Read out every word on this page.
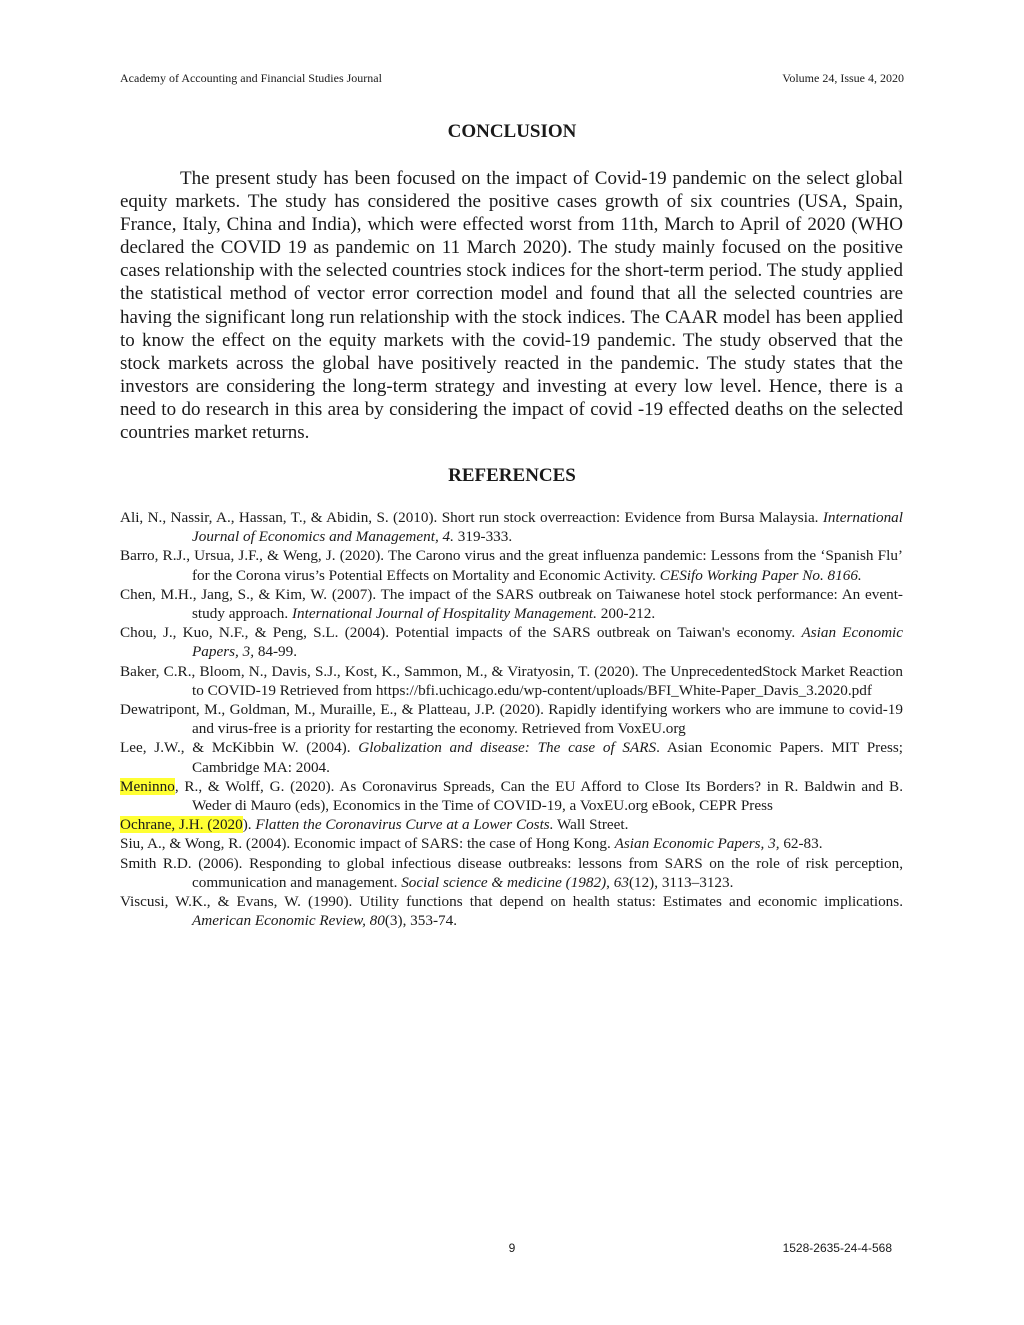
Academy of Accounting and Financial Studies Journal	Volume 24, Issue 4, 2020
CONCLUSION

The present study has been focused on the impact of Covid-19 pandemic on the select global equity markets. The study has considered the positive cases growth of six countries (USA, Spain, France, Italy, China and India), which were effected worst from 11th, March to April of 2020 (WHO declared the COVID 19 as pandemic on 11 March 2020). The study mainly focused on the positive cases relationship with the selected countries stock indices for the short-term period. The study applied the statistical method of vector error correction model and found that all the selected countries are having the significant long run relationship with the stock indices. The CAAR model has been applied to know the effect on the equity markets with the covid-19 pandemic. The study observed that the stock markets across the global have positively reacted in the pandemic. The study states that the investors are considering the long-term strategy and investing at every low level. Hence, there is a need to do research in this area by considering the impact of covid -19 effected deaths on the selected countries market returns.

REFERENCES

Ali, N., Nassir, A., Hassan, T., & Abidin, S. (2010). Short run stock overreaction: Evidence from Bursa Malaysia. International Journal of Economics and Management, 4. 319-333.

Barro, R.J., Ursua, J.F., & Weng, J. (2020). The Carono virus and the great influenza pandemic: Lessons from the ‘Spanish Flu’ for the Corona virus’s Potential Effects on Mortality and Economic Activity. CESifo Working Paper No. 8166.

Chen, M.H., Jang, S., & Kim, W. (2007). The impact of the SARS outbreak on Taiwanese hotel stock performance: An event-study approach. International Journal of Hospitality Management. 200-212.

Chou, J., Kuo, N.F., & Peng, S.L. (2004). Potential impacts of the SARS outbreak on Taiwan's economy. Asian Economic Papers, 3, 84-99.

Baker, C.R., Bloom, N., Davis, S.J., Kost, K., Sammon, M., & Viratyosin, T. (2020). The UnprecedentedStock Market Reaction to COVID-19 Retrieved from https://bfi.uchicago.edu/wp-content/uploads/BFI_White-Paper_Davis_3.2020.pdf

Dewatripont, M., Goldman, M., Muraille, E., & Platteau, J.P. (2020). Rapidly identifying workers who are immune to covid-19 and virus-free is a priority for restarting the economy. Retrieved from VoxEU.org

Lee, J.W., & McKibbin W. (2004). Globalization and disease: The case of SARS. Asian Economic Papers. MIT Press; Cambridge MA: 2004.

Meninno, R., & Wolff, G. (2020). As Coronavirus Spreads, Can the EU Afford to Close Its Borders? in R. Baldwin and B. Weder di Mauro (eds), Economics in the Time of COVID-19, a VoxEU.org eBook, CEPR Press

Ochrane, J.H. (2020). Flatten the Coronavirus Curve at a Lower Costs. Wall Street.

Siu, A., & Wong, R. (2004). Economic impact of SARS: the case of Hong Kong. Asian Economic Papers, 3, 62-83.

Smith R.D. (2006). Responding to global infectious disease outbreaks: lessons from SARS on the role of risk perception, communication and management. Social science & medicine (1982), 63(12), 3113–3123.

Viscusi, W.K., & Evans, W. (1990). Utility functions that depend on health status: Estimates and economic implications. American Economic Review, 80(3), 353-74.

9	1528-2635-24-4-568
